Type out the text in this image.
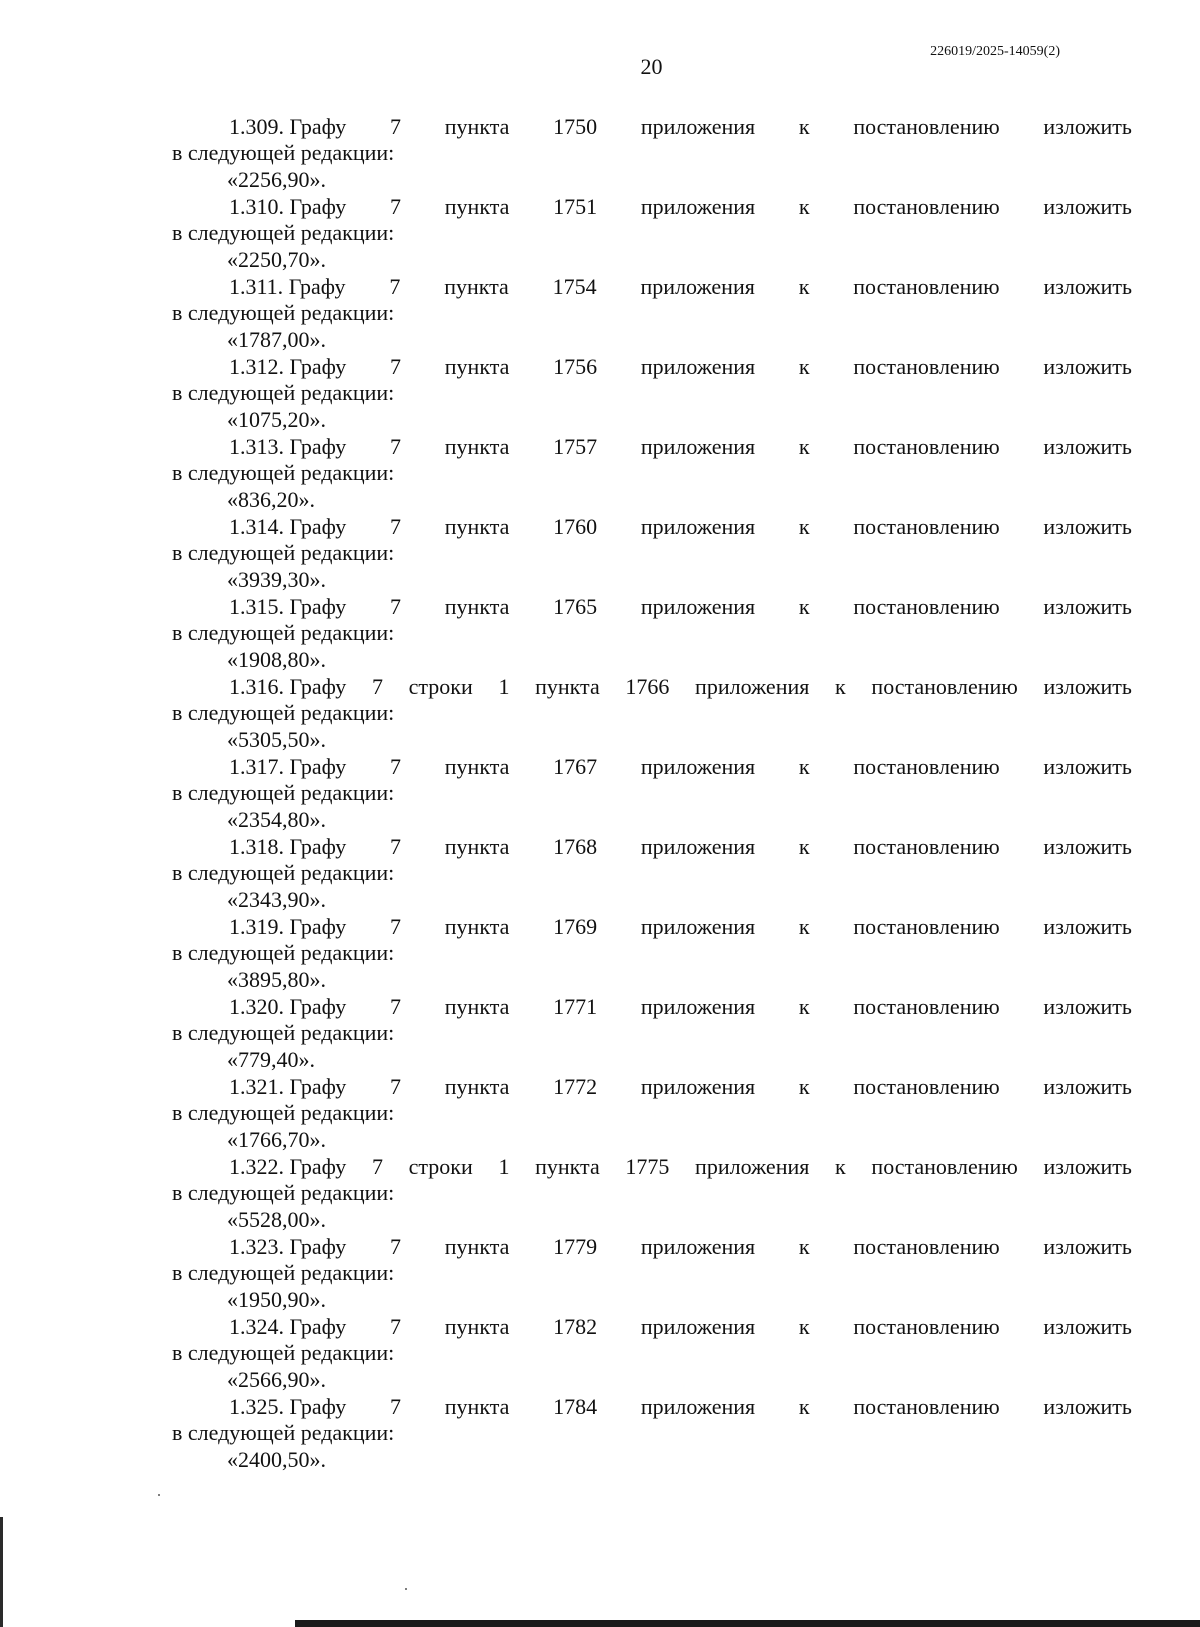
20
226019/2025-14059(2)
1.309. Графу 7 пункта 1750 приложения к постановлению изложить
в следующей редакции:
«2256,90».
1.310. Графу 7 пункта 1751 приложения к постановлению изложить
в следующей редакции:
«2250,70».
1.311. Графу 7 пункта 1754 приложения к постановлению изложить
в следующей редакции:
«1787,00».
1.312. Графу 7 пункта 1756 приложения к постановлению изложить
в следующей редакции:
«1075,20».
1.313. Графу 7 пункта 1757 приложения к постановлению изложить
в следующей редакции:
«836,20».
1.314. Графу 7 пункта 1760 приложения к постановлению изложить
в следующей редакции:
«3939,30».
1.315. Графу 7 пункта 1765 приложения к постановлению изложить
в следующей редакции:
«1908,80».
1.316. Графу 7 строки 1 пункта 1766 приложения к постановлению изложить
в следующей редакции:
«5305,50».
1.317. Графу 7 пункта 1767 приложения к постановлению изложить
в следующей редакции:
«2354,80».
1.318. Графу 7 пункта 1768 приложения к постановлению изложить
в следующей редакции:
«2343,90».
1.319. Графу 7 пункта 1769 приложения к постановлению изложить
в следующей редакции:
«3895,80».
1.320. Графу 7 пункта 1771 приложения к постановлению изложить
в следующей редакции:
«779,40».
1.321. Графу 7 пункта 1772 приложения к постановлению изложить
в следующей редакции:
«1766,70».
1.322. Графу 7 строки 1 пункта 1775 приложения к постановлению изложить
в следующей редакции:
«5528,00».
1.323. Графу 7 пункта 1779 приложения к постановлению изложить
в следующей редакции:
«1950,90».
1.324. Графу 7 пункта 1782 приложения к постановлению изложить
в следующей редакции:
«2566,90».
1.325. Графу 7 пункта 1784 приложения к постановлению изложить
в следующей редакции:
«2400,50».
